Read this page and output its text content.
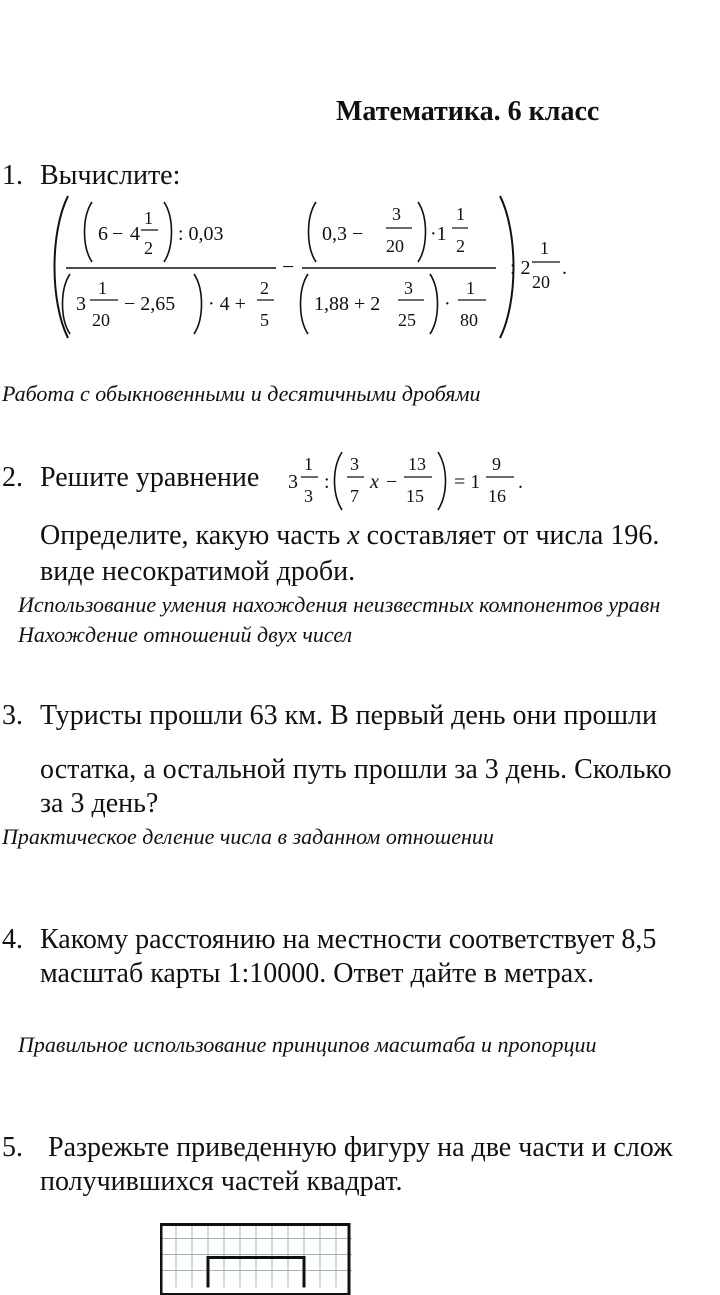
Математика. 6 класс
1. Вычислите:
6 − 4
1
2
: 0,03
3
1
20
− 2,65 · 4 +
2
5
−
0,3 −
3
20
·1
1
2
1,88 + 2
3
25
·
1
80
: 2
1
20
.
Работа с обыкновенными и десятичными дробями
2. Решите уравнение 3
1
3
:
3
7
x −
13
15
= 1
9
16
.
Определите, какую часть x составляет от числа 196.
виде несократимой дроби.
Использование умения нахождения неизвестных компонентов уравн
Нахождение отношений двух чисел
3. Туристы прошли 63 км. В первый день они прошли
остатка, а остальной путь прошли за 3 день. Сколько
за 3 день?
Практическое деление числа в заданном отношении
4. Какому расстоянию на местности соответствует 8,5
масштаб карты 1:10000. Ответ дайте в метрах.
Правильное использование принципов масштаба и пропорции
5. Разрежьте приведенную фигуру на две части и слож
получившихся частей квадрат.
